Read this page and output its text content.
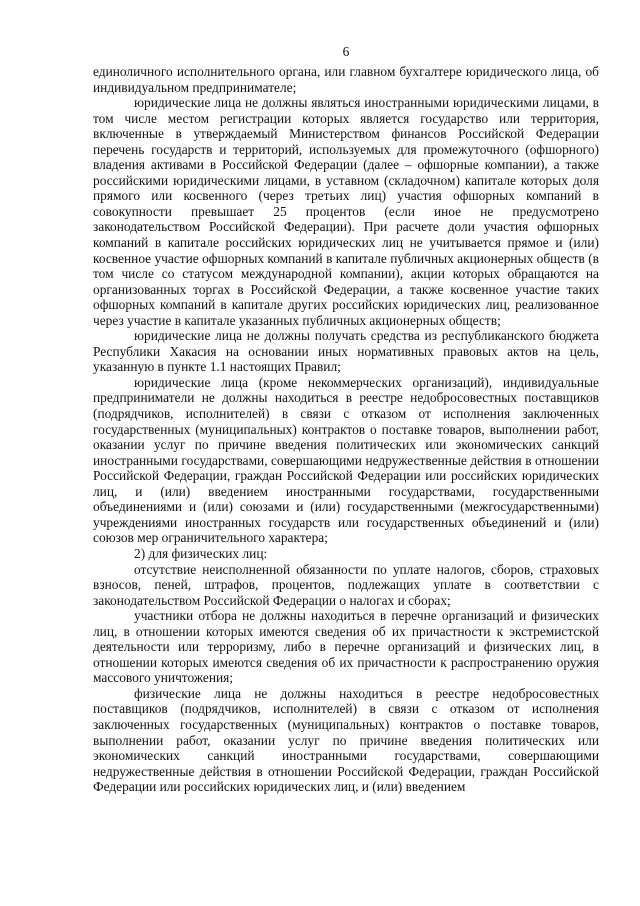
6

единоличного исполнительного органа, или главном бухгалтере юридического лица, об индивидуальном предпринимателе;

юридические лица не должны являться иностранными юридическими лицами, в том числе местом регистрации которых является государство или территория, включенные в утверждаемый Министерством финансов Российской Федерации перечень государств и территорий, используемых для промежуточного (офшорного) владения активами в Российской Федерации (далее – офшорные компании), а также российскими юридическими лицами, в уставном (складочном) капитале которых доля прямого или косвенного (через третьих лиц) участия офшорных компаний в совокупности превышает 25 процентов (если иное не предусмотрено законодательством Российской Федерации). При расчете доли участия офшорных компаний в капитале российских юридических лиц не учитывается прямое и (или) косвенное участие офшорных компаний в капитале публичных акционерных обществ (в том числе со статусом международной компании), акции которых обращаются на организованных торгах в Российской Федерации, а также косвенное участие таких офшорных компаний в капитале других российских юридических лиц, реализованное через участие в капитале указанных публичных акционерных обществ;

юридические лица не должны получать средства из республиканского бюджета Республики Хакасия на основании иных нормативных правовых актов на цель, указанную в пункте 1.1 настоящих Правил;

юридические лица (кроме некоммерческих организаций), индивидуальные предприниматели не должны находиться в реестре недобросовестных поставщиков (подрядчиков, исполнителей) в связи с отказом от исполнения заключенных государственных (муниципальных) контрактов о поставке товаров, выполнении работ, оказании услуг по причине введения политических или экономических санкций иностранными государствами, совершающими недружественные действия в отношении Российской Федерации, граждан Российской Федерации или российских юридических лиц, и (или) введением иностранными государствами, государственными объединениями и (или) союзами и (или) государственными (межгосударственными) учреждениями иностранных государств или государственных объединений и (или) союзов мер ограничительного характера;

2) для физических лиц:

отсутствие неисполненной обязанности по уплате налогов, сборов, страховых взносов, пеней, штрафов, процентов, подлежащих уплате в соответствии с законодательством Российской Федерации о налогах и сборах;

участники отбора не должны находиться в перечне организаций и физических лиц, в отношении которых имеются сведения об их причастности к экстремистской деятельности или терроризму, либо в перечне организаций и физических лиц, в отношении которых имеются сведения об их причастности к распространению оружия массового уничтожения;

физические лица не должны находиться в реестре недобросовестных поставщиков (подрядчиков, исполнителей) в связи с отказом от исполнения заключенных государственных (муниципальных) контрактов о поставке товаров, выполнении работ, оказании услуг по причине введения политических или экономических санкций иностранными государствами, совершающими недружественные действия в отношении Российской Федерации, граждан Российской Федерации или российских юридических лиц, и (или) введением
